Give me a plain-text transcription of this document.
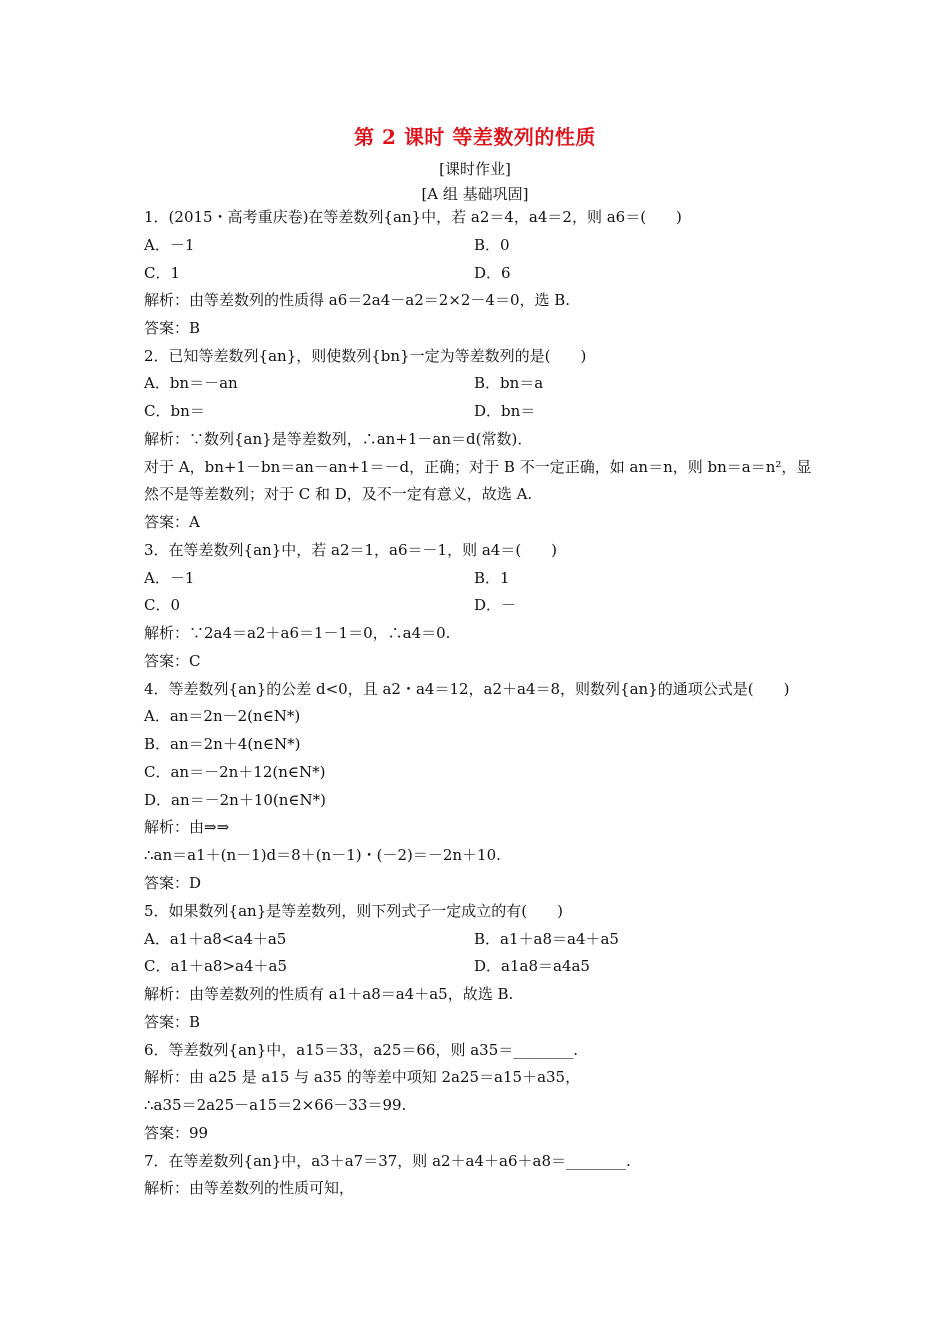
第 2 课时 等差数列的性质
[课时作业]
[A 组 基础巩固]
1．(2015・高考重庆卷)在等差数列{an}中，若 a2＝4，a4＝2，则 a6＝(　　)
A．－1	B．0
C．1	D．6
解析：由等差数列的性质得 a6＝2a4－a2＝2×2－4＝0，选 B.
答案：B
2．已知等差数列{an}，则使数列{bn}一定为等差数列的是(　　)
A．bn＝－an	B．bn＝a
C．bn＝	D．bn＝
解析：∵数列{an}是等差数列，∴an+1－an＝d(常数)．
对于 A，bn+1－bn＝an－an+1＝－d，正确；对于 B 不一定正确，如 an＝n，则 bn＝a＝n²，显
然不是等差数列；对于 C 和 D，及不一定有意义，故选 A.
答案：A
3．在等差数列{an}中，若 a2＝1，a6＝－1，则 a4＝(　　)
A．－1	B．1
C．0	D．－
解析：∵2a4＝a2＋a6＝1－1＝0，∴a4＝0.
答案：C
4．等差数列{an}的公差 d<0，且 a2・a4＝12，a2＋a4＝8，则数列{an}的通项公式是(　　)
A．an＝2n－2(n∈N*)
B．an＝2n＋4(n∈N*)
C．an＝－2n＋12(n∈N*)
D．an＝－2n＋10(n∈N*)
解析：由⇒⇒
∴an＝a1＋(n－1)d＝8＋(n－1)・(－2)＝－2n＋10.
答案：D
5．如果数列{an}是等差数列，则下列式子一定成立的有(　　)
A．a1＋a8<a4＋a5	B．a1＋a8＝a4＋a5
C．a1＋a8>a4＋a5	D．a1a8＝a4a5
解析：由等差数列的性质有 a1＋a8＝a4＋a5，故选 B.
答案：B
6．等差数列{an}中，a15＝33，a25＝66，则 a35＝________.
解析：由 a25 是 a15 与 a35 的等差中项知 2a25＝a15＋a35，
∴a35＝2a25－a15＝2×66－33＝99.
答案：99
7．在等差数列{an}中，a3＋a7＝37，则 a2＋a4＋a6＋a8＝________.
解析：由等差数列的性质可知，
